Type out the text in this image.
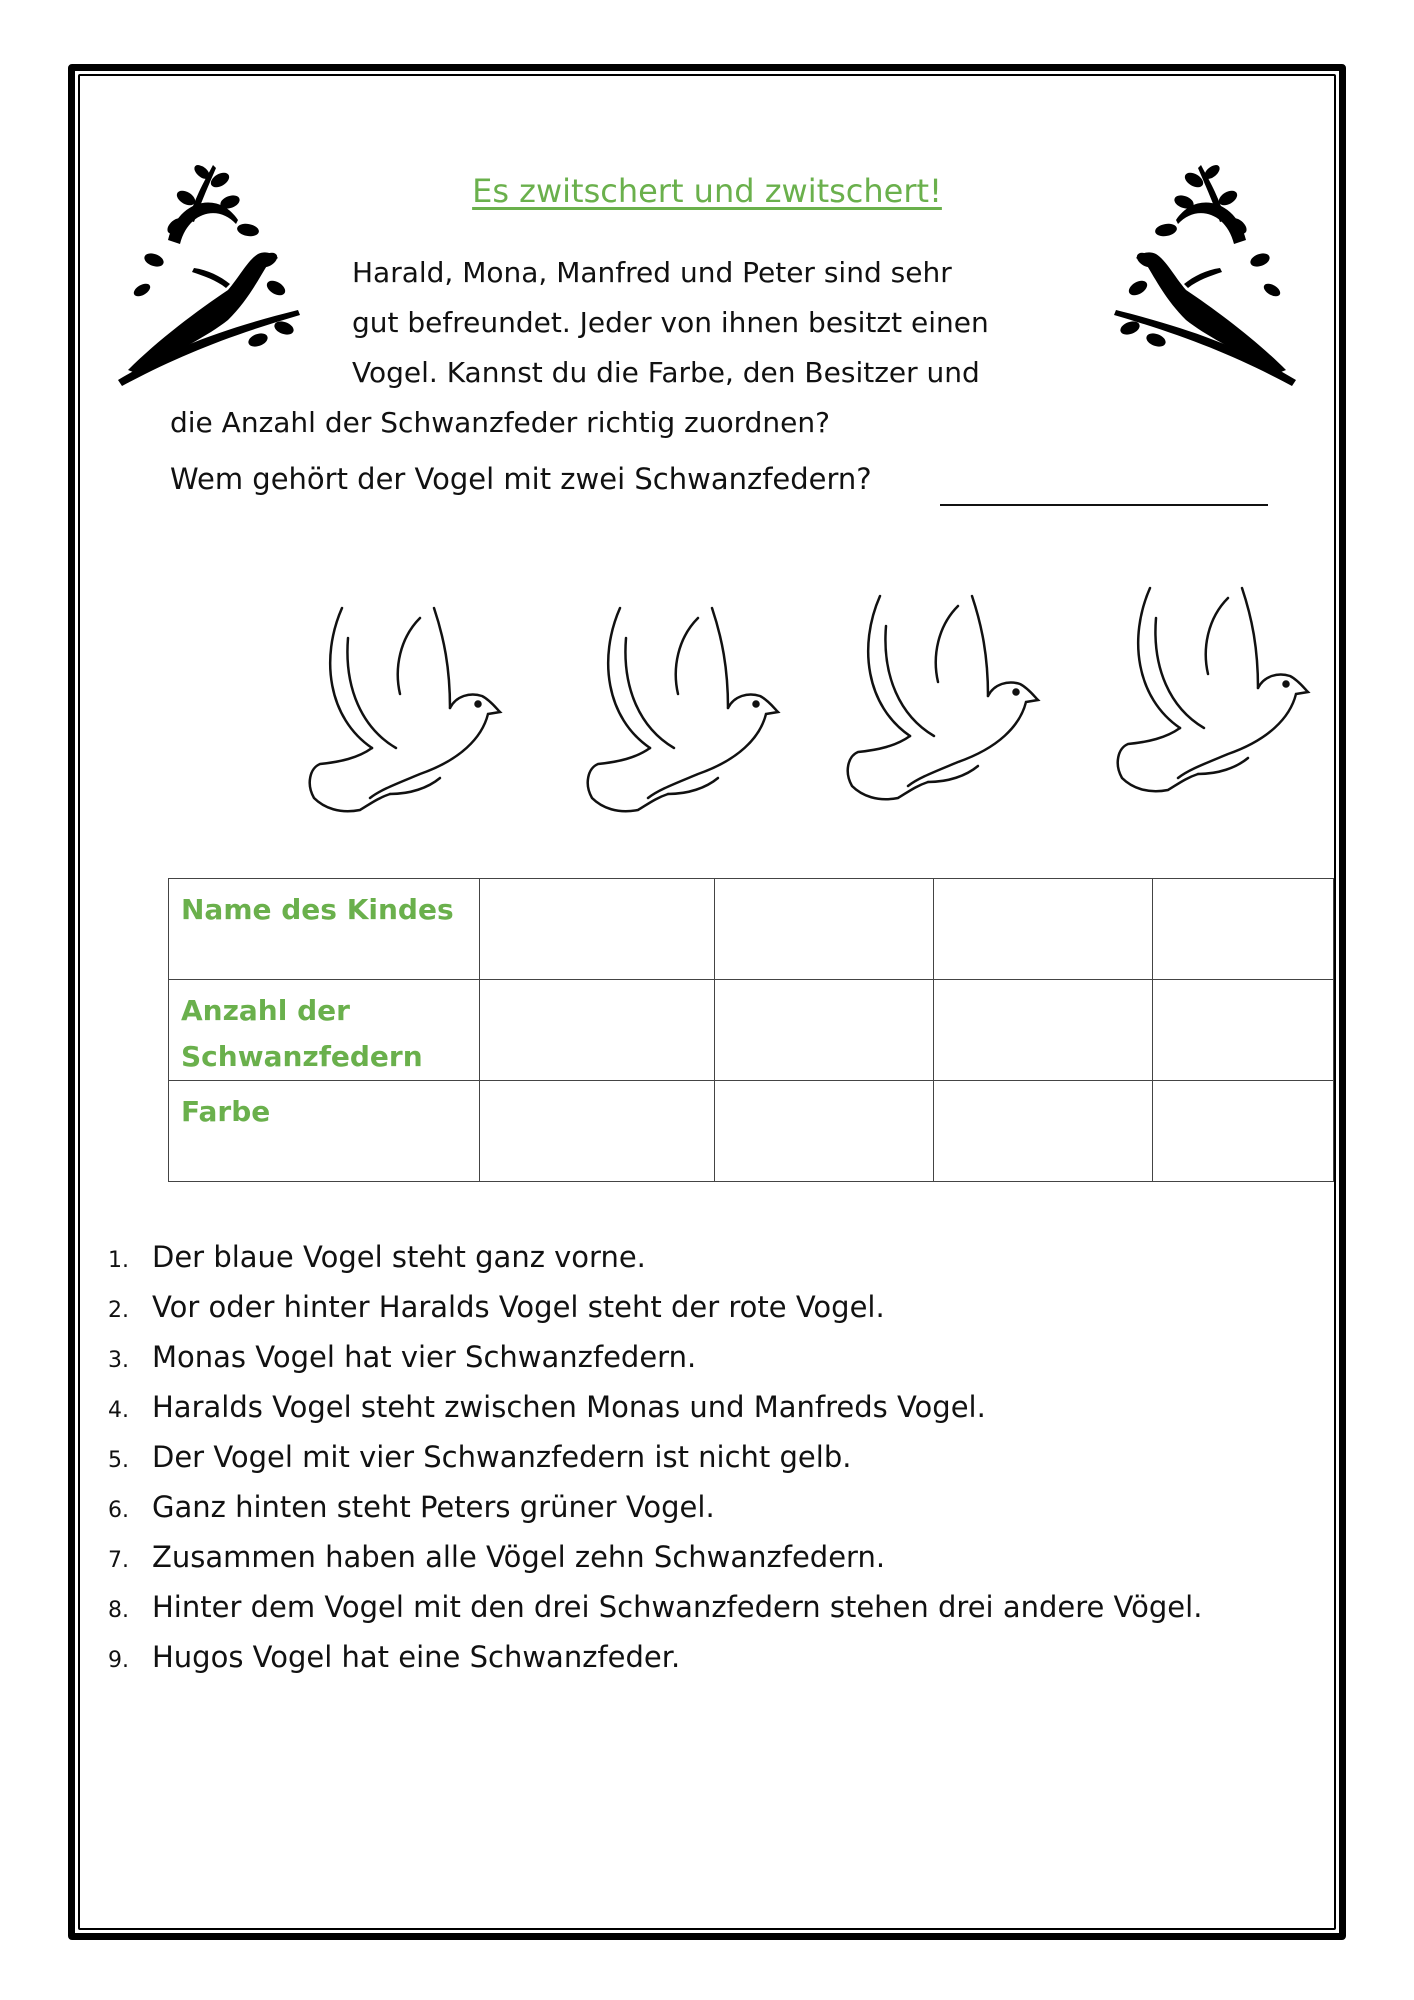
Es zwitschert und zwitschert!
Harald, Mona, Manfred und Peter sind sehr
gut befreundet. Jeder von ihnen besitzt einen
Vogel. Kannst du die Farbe, den Besitzer und
die Anzahl der Schwanzfeder richtig zuordnen?
Wem gehört der Vogel mit zwei Schwanzfedern?
Name des Kindes				
Anzahl der Schwanzfedern				
Farbe				
1. Der blaue Vogel steht ganz vorne.
2. Vor oder hinter Haralds Vogel steht der rote Vogel.
3. Monas Vogel hat vier Schwanzfedern.
4. Haralds Vogel steht zwischen Monas und Manfreds Vogel.
5. Der Vogel mit vier Schwanzfedern ist nicht gelb.
6. Ganz hinten steht Peters grüner Vogel.
7. Zusammen haben alle Vögel zehn Schwanzfedern.
8. Hinter dem Vogel mit den drei Schwanzfedern stehen drei andere Vögel.
9. Hugos Vogel hat eine Schwanzfeder.
